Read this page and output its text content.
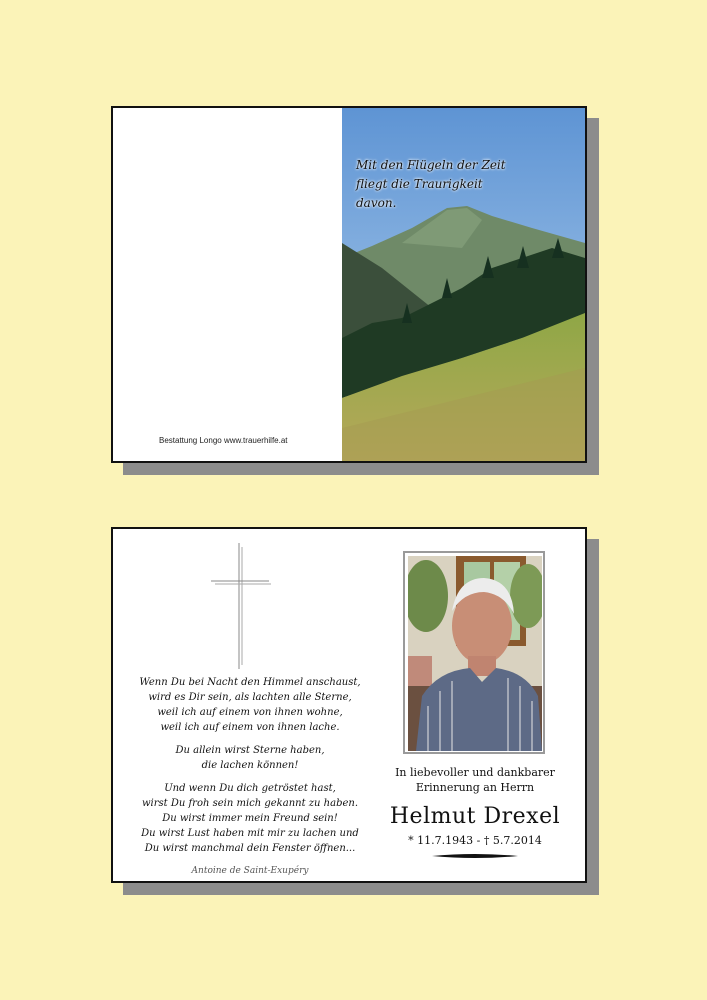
Bestattung Longo www.trauerhilfe.at
Mit den Flügeln der Zeit
fliegt die Traurigkeit
davon.
Wenn Du bei Nacht den Himmel anschaust,
wird es Dir sein, als lachten alle Sterne,
weil ich auf einem von ihnen wohne,
weil ich auf einem von ihnen lache.
Du allein wirst Sterne haben,
die lachen können!
Und wenn Du dich getröstet hast,
wirst Du froh sein mich gekannt zu haben.
Du wirst immer mein Freund sein!
Du wirst Lust haben mit mir zu lachen und
Du wirst manchmal dein Fenster öffnen...
Antoine de Saint-Exupéry
In liebevoller und dankbarer
Erinnerung an Herrn
Helmut Drexel
* 11.7.1943 - † 5.7.2014
